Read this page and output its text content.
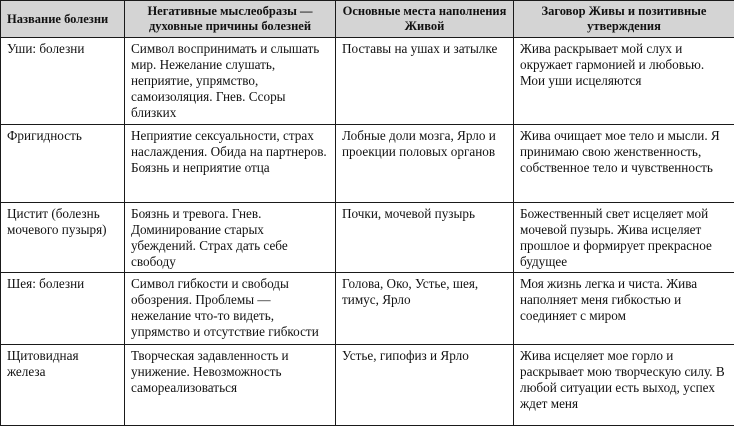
Название болезни	Негативные мыслеобразы — духовные причины болезней	Основные места наполнения Живой	Заговор Живы и позитивные утверждения
Уши: болезни	Символ воспринимать и слышать мир. Нежелание слушать, неприятие, упрямство, самоизоляция. Гнев. Ссоры близких	Поставы на ушах и затылке	Жива раскрывает мой слух и окружает гармонией и любовью. Мои уши исцеляются
Фригидность	Неприятие сексуальности, страх наслаждения. Обида на партнеров. Боязнь и неприятие отца	Лобные доли мозга, Ярло и проекции половых органов	Жива очищает мое тело и мысли. Я принимаю свою женственность, собственное тело и чувственность
Цистит (болезнь мочевого пузыря)	Боязнь и тревога. Гнев. Доминирование старых убеждений. Страх дать себе свободу	Почки, мочевой пузырь	Божественный свет исцеляет мой мочевой пузырь. Жива исцеляет прошлое и формирует прекрасное будущее
Шея: болезни	Символ гибкости и свободы обозрения. Проблемы — нежелание что-то видеть, упрямство и отсутствие гибкости	Голова, Око, Устье, шея, тимус, Ярло	Моя жизнь легка и чиста. Жива наполняет меня гибкостью и соединяет с миром
Щитовидная железа	Творческая задавленность и унижение. Невозможность самореализоваться	Устье, гипофиз и Ярло	Жива исцеляет мое горло и раскрывает мою творческую силу. В любой ситуации есть выход, успех ждет меня
